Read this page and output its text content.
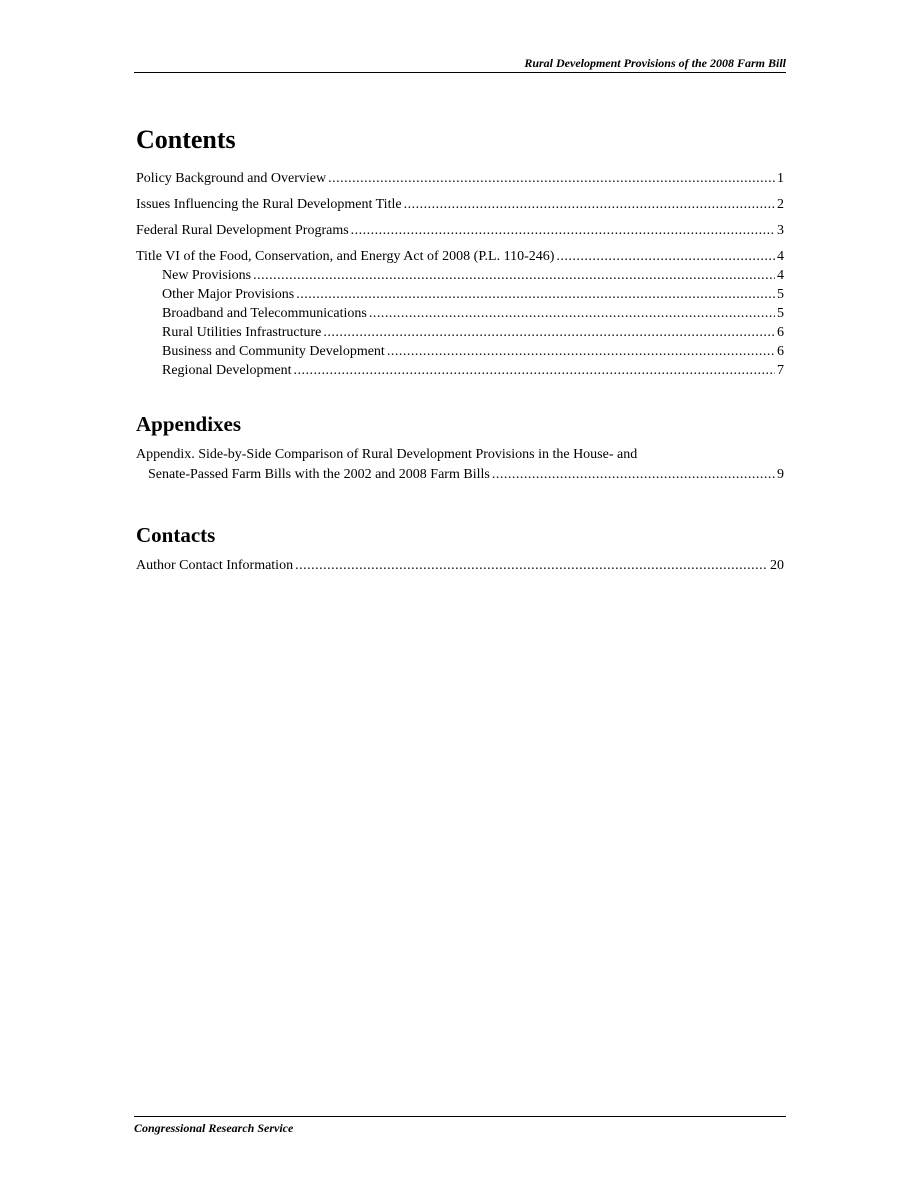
Rural Development Provisions of the 2008 Farm Bill
Contents
Policy Background and Overview .....	1
Issues Influencing the Rural Development Title .....	2
Federal Rural Development Programs .....	3
Title VI of the Food, Conservation, and Energy Act of 2008 (P.L. 110-246) .....	4
New Provisions .....	4
Other Major Provisions .....	5
Broadband and Telecommunications .....	5
Rural Utilities Infrastructure .....	6
Business and Community Development .....	6
Regional Development .....	7
Appendixes
Appendix. Side-by-Side Comparison of Rural Development Provisions in the House- and
Senate-Passed Farm Bills with the 2002 and 2008 Farm Bills .....	9
Contacts
Author Contact Information .....	20
Congressional Research Service
